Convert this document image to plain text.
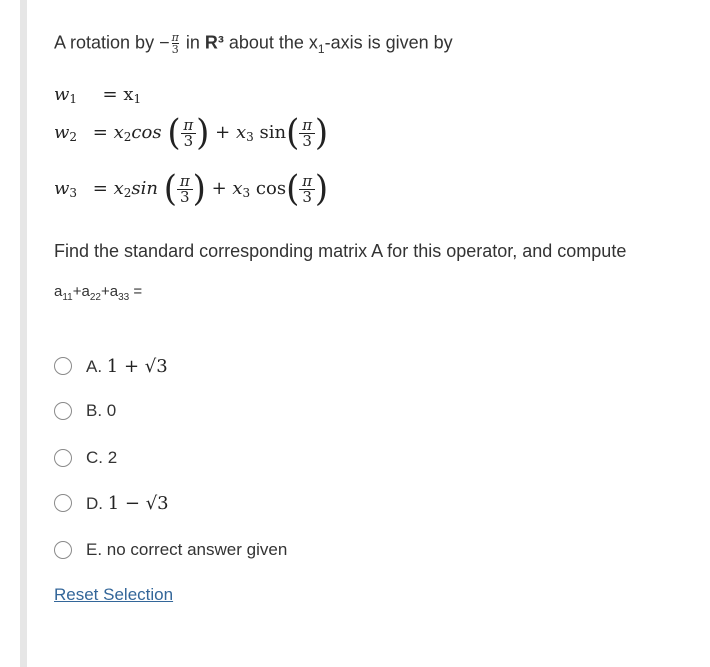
A rotation by − $\frac{\pi}{3}$ in R³ about the $x_1$-axis is given by
$w_1 = x_1$
$w_2 = x_2\cos$ ( $\frac{\pi}{3}$ ) + $x_3$ $\sin( \frac{\pi}{3}$ )
$w_3 = x_2\sin$ ( $\frac{\pi}{3}$ ) + $x_3$ $\cos( \frac{\pi}{3}$ )
Find the standard corresponding matrix A for this operator, and compute
$a_{11}+a_{22}+a_{33}$ =
A. 1 + √3
B. 0
C. 2
D. 1 − √3
E. no correct answer given
Reset Selection
